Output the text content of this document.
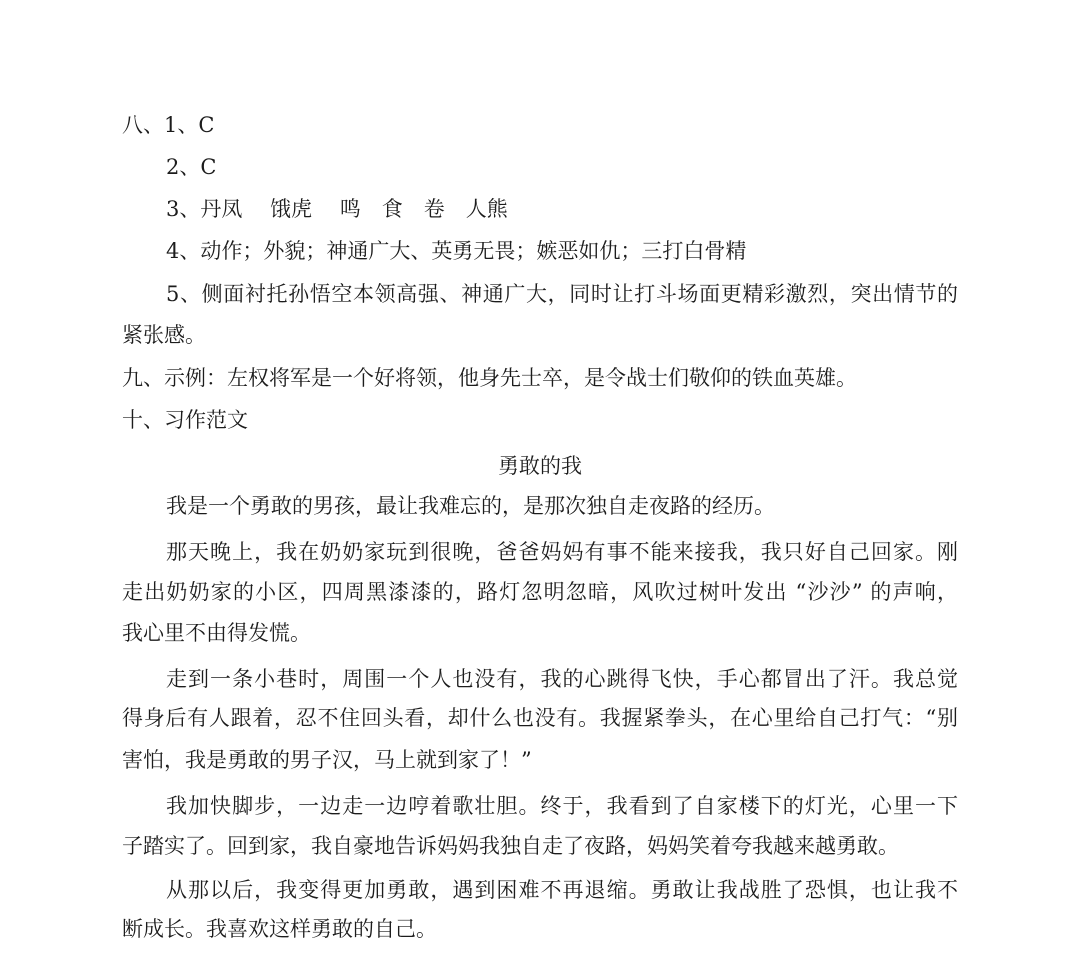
八、1、C

2、C

3、丹凤　 饿虎　 鸣　食　卷　人熊

4、动作；外貌；神通广大、英勇无畏；嫉恶如仇；三打白骨精

5、侧面衬托孙悟空本领高强、神通广大，同时让打斗场面更精彩激烈，突出情节的

紧张感。

九、示例：左权将军是一个好将领，他身先士卒，是令战士们敬仰的铁血英雄。

十、习作范文

勇敢的我

我是一个勇敢的男孩，最让我难忘的，是那次独自走夜路的经历。

那天晚上，我在奶奶家玩到很晚，爸爸妈妈有事不能来接我，我只好自己回家。刚

走出奶奶家的小区，四周黑漆漆的，路灯忽明忽暗，风吹过树叶发出 “沙沙” 的声响，

我心里不由得发慌。

走到一条小巷时，周围一个人也没有，我的心跳得飞快，手心都冒出了汗。我总觉

得身后有人跟着，忍不住回头看，却什么也没有。我握紧拳头，在心里给自己打气：“别

害怕，我是勇敢的男子汉，马上就到家了！”

我加快脚步，一边走一边哼着歌壮胆。终于，我看到了自家楼下的灯光，心里一下

子踏实了。回到家，我自豪地告诉妈妈我独自走了夜路，妈妈笑着夸我越来越勇敢。

从那以后，我变得更加勇敢，遇到困难不再退缩。勇敢让我战胜了恐惧，也让我不

断成长。我喜欢这样勇敢的自己。
